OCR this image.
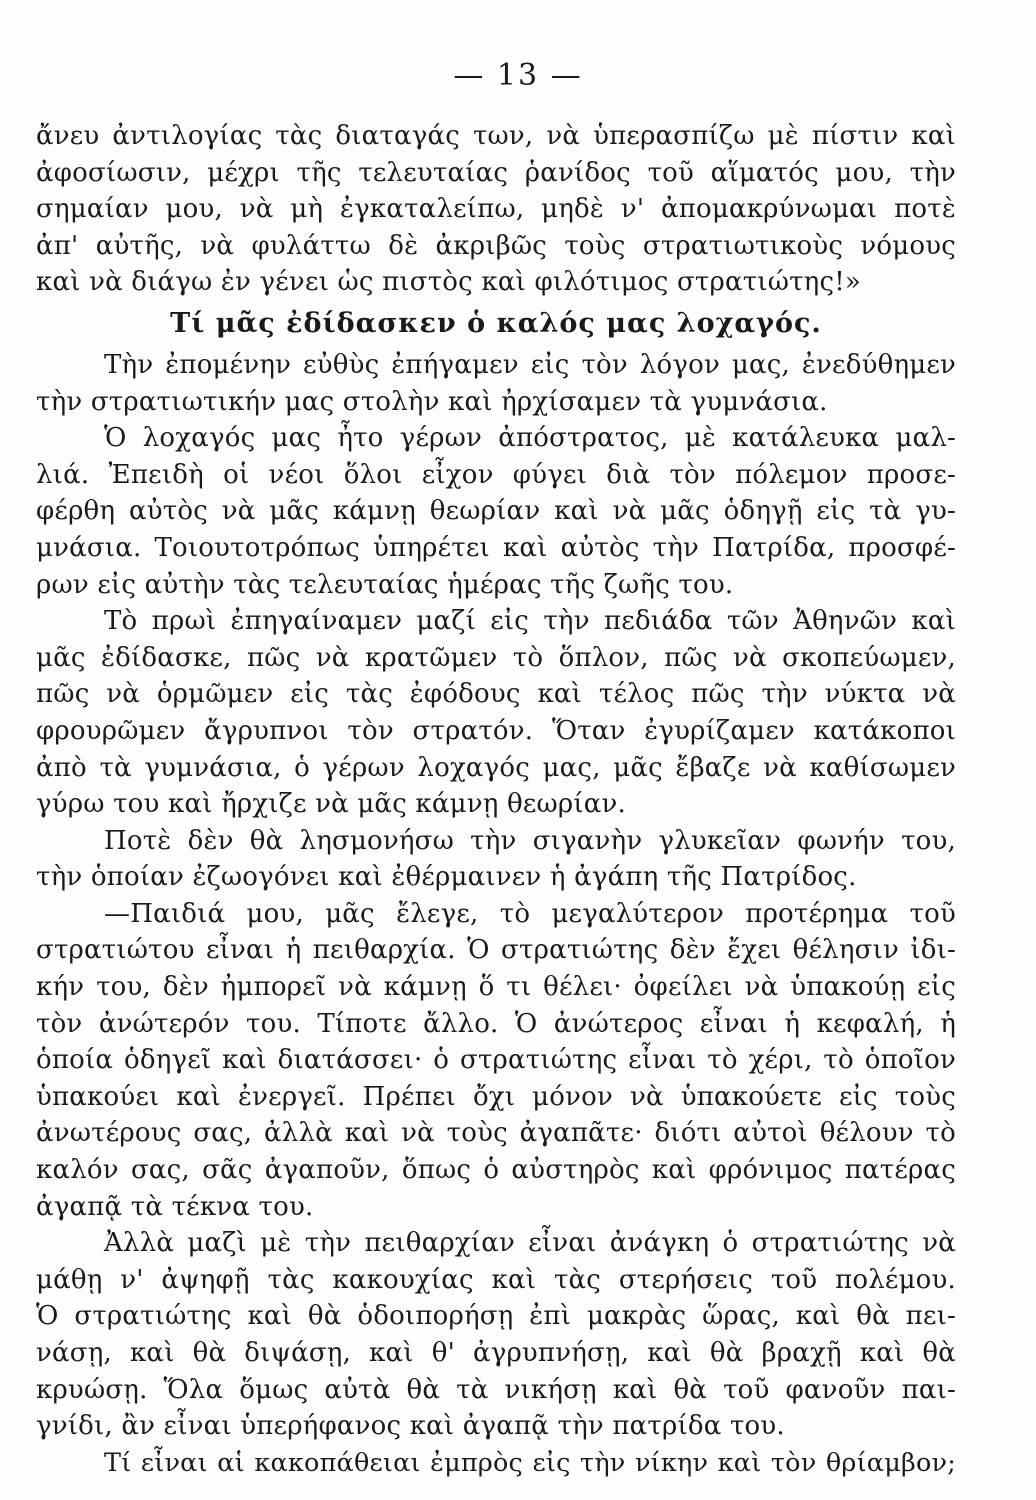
— 13 —
ἄνευ ἀντιλογίας τὰς διαταγάς των, νὰ ὑπερασπίζω μὲ πίστιν καὶ
ἀφοσίωσιν, μέχρι τῆς τελευταίας ῥανίδος τοῦ αἵματός μου, τὴν
σημαίαν μου, νὰ μὴ ἐγκαταλείπω, μηδὲ ν' ἀπομακρύνωμαι ποτὲ
ἀπ' αὐτῆς, νὰ φυλάττω δὲ ἀκριβῶς τοὺς στρατιωτικοὺς νόμους
καὶ νὰ διάγω ἐν γένει ὡς πιστὸς καὶ φιλότιμος στρατιώτης!»
Τί μᾶς ἐδίδασκεν ὁ καλός μας λοχαγός.
Τὴν ἐπομένην εὐθὺς ἐπήγαμεν εἰς τὸν λόγον μας, ἐνεδύθημεν
τὴν στρατιωτικήν μας στολὴν καὶ ἠρχίσαμεν τὰ γυμνάσια.
Ὁ λοχαγός μας ἦτο γέρων ἀπόστρατος, μὲ κατάλευκα μαλ-
λιά. Ἐπειδὴ οἱ νέοι ὅλοι εἶχον φύγει διὰ τὸν πόλεμον προσε-
φέρθη αὐτὸς νὰ μᾶς κάμνῃ θεωρίαν καὶ νὰ μᾶς ὁδηγῇ εἰς τὰ γυ-
μνάσια. Τοιουτοτρόπως ὑπηρέτει καὶ αὐτὸς τὴν Πατρίδα, προσφέ-
ρων εἰς αὐτὴν τὰς τελευταίας ἡμέρας τῆς ζωῆς του.
Τὸ πρωὶ ἐπηγαίναμεν μαζί εἰς τὴν πεδιάδα τῶν Ἀθηνῶν καὶ
μᾶς ἐδίδασκε, πῶς νὰ κρατῶμεν τὸ ὅπλον, πῶς νὰ σκοπεύωμεν,
πῶς νὰ ὁρμῶμεν εἰς τὰς ἐφόδους καὶ τέλος πῶς τὴν νύκτα νὰ
φρουρῶμεν ἄγρυπνοι τὸν στρατόν. Ὅταν ἐγυρίζαμεν κατάκοποι
ἀπὸ τὰ γυμνάσια, ὁ γέρων λοχαγός μας, μᾶς ἔβαζε νὰ καθίσωμεν
γύρω του καὶ ἤρχιζε νὰ μᾶς κάμνῃ θεωρίαν.
Ποτὲ δὲν θὰ λησμονήσω τὴν σιγανὴν γλυκεῖαν φωνήν του,
τὴν ὁποίαν ἐζωογόνει καὶ ἐθέρμαινεν ἡ ἀγάπη τῆς Πατρίδος.
—Παιδιά μου, μᾶς ἔλεγε, τὸ μεγαλύτερον προτέρημα τοῦ
στρατιώτου εἶναι ἡ πειθαρχία. Ὁ στρατιώτης δὲν ἔχει θέλησιν ἰδι-
κήν του, δὲν ἠμπορεῖ νὰ κάμνῃ ὅ τι θέλει· ὀφείλει νὰ ὑπακούῃ εἰς
τὸν ἀνώτερόν του. Τίποτε ἄλλο. Ὁ ἀνώτερος εἶναι ἡ κεφαλή, ἡ
ὁποία ὁδηγεῖ καὶ διατάσσει· ὁ στρατιώτης εἶναι τὸ χέρι, τὸ ὁποῖον
ὑπακούει καὶ ἐνεργεῖ. Πρέπει ὄχι μόνον νὰ ὑπακούετε εἰς τοὺς
ἀνωτέρους σας, ἀλλὰ καὶ νὰ τοὺς ἀγαπᾶτε· διότι αὐτοὶ θέλουν τὸ
καλόν σας, σᾶς ἀγαποῦν, ὅπως ὁ αὐστηρὸς καὶ φρόνιμος πατέρας
ἀγαπᾷ τὰ τέκνα του.
Ἀλλὰ μαζὶ μὲ τὴν πειθαρχίαν εἶναι ἀνάγκη ὁ στρατιώτης νὰ
μάθῃ ν' ἀψηφῇ τὰς κακουχίας καὶ τὰς στερήσεις τοῦ πολέμου.
Ὁ στρατιώτης καὶ θὰ ὁδοιπορήσῃ ἐπὶ μακρὰς ὥρας, καὶ θὰ πει-
νάσῃ, καὶ θὰ διψάσῃ, καὶ θ' ἀγρυπνήσῃ, καὶ θὰ βραχῇ καὶ θὰ
κρυώσῃ. Ὅλα ὅμως αὐτὰ θὰ τὰ νικήσῃ καὶ θὰ τοῦ φανοῦν παι-
γνίδι, ἂν εἶναι ὑπερήφανος καὶ ἀγαπᾷ τὴν πατρίδα του.
Τί εἶναι αἱ κακοπάθειαι ἐμπρὸς εἰς τὴν νίκην καὶ τὸν θρίαμβον;
